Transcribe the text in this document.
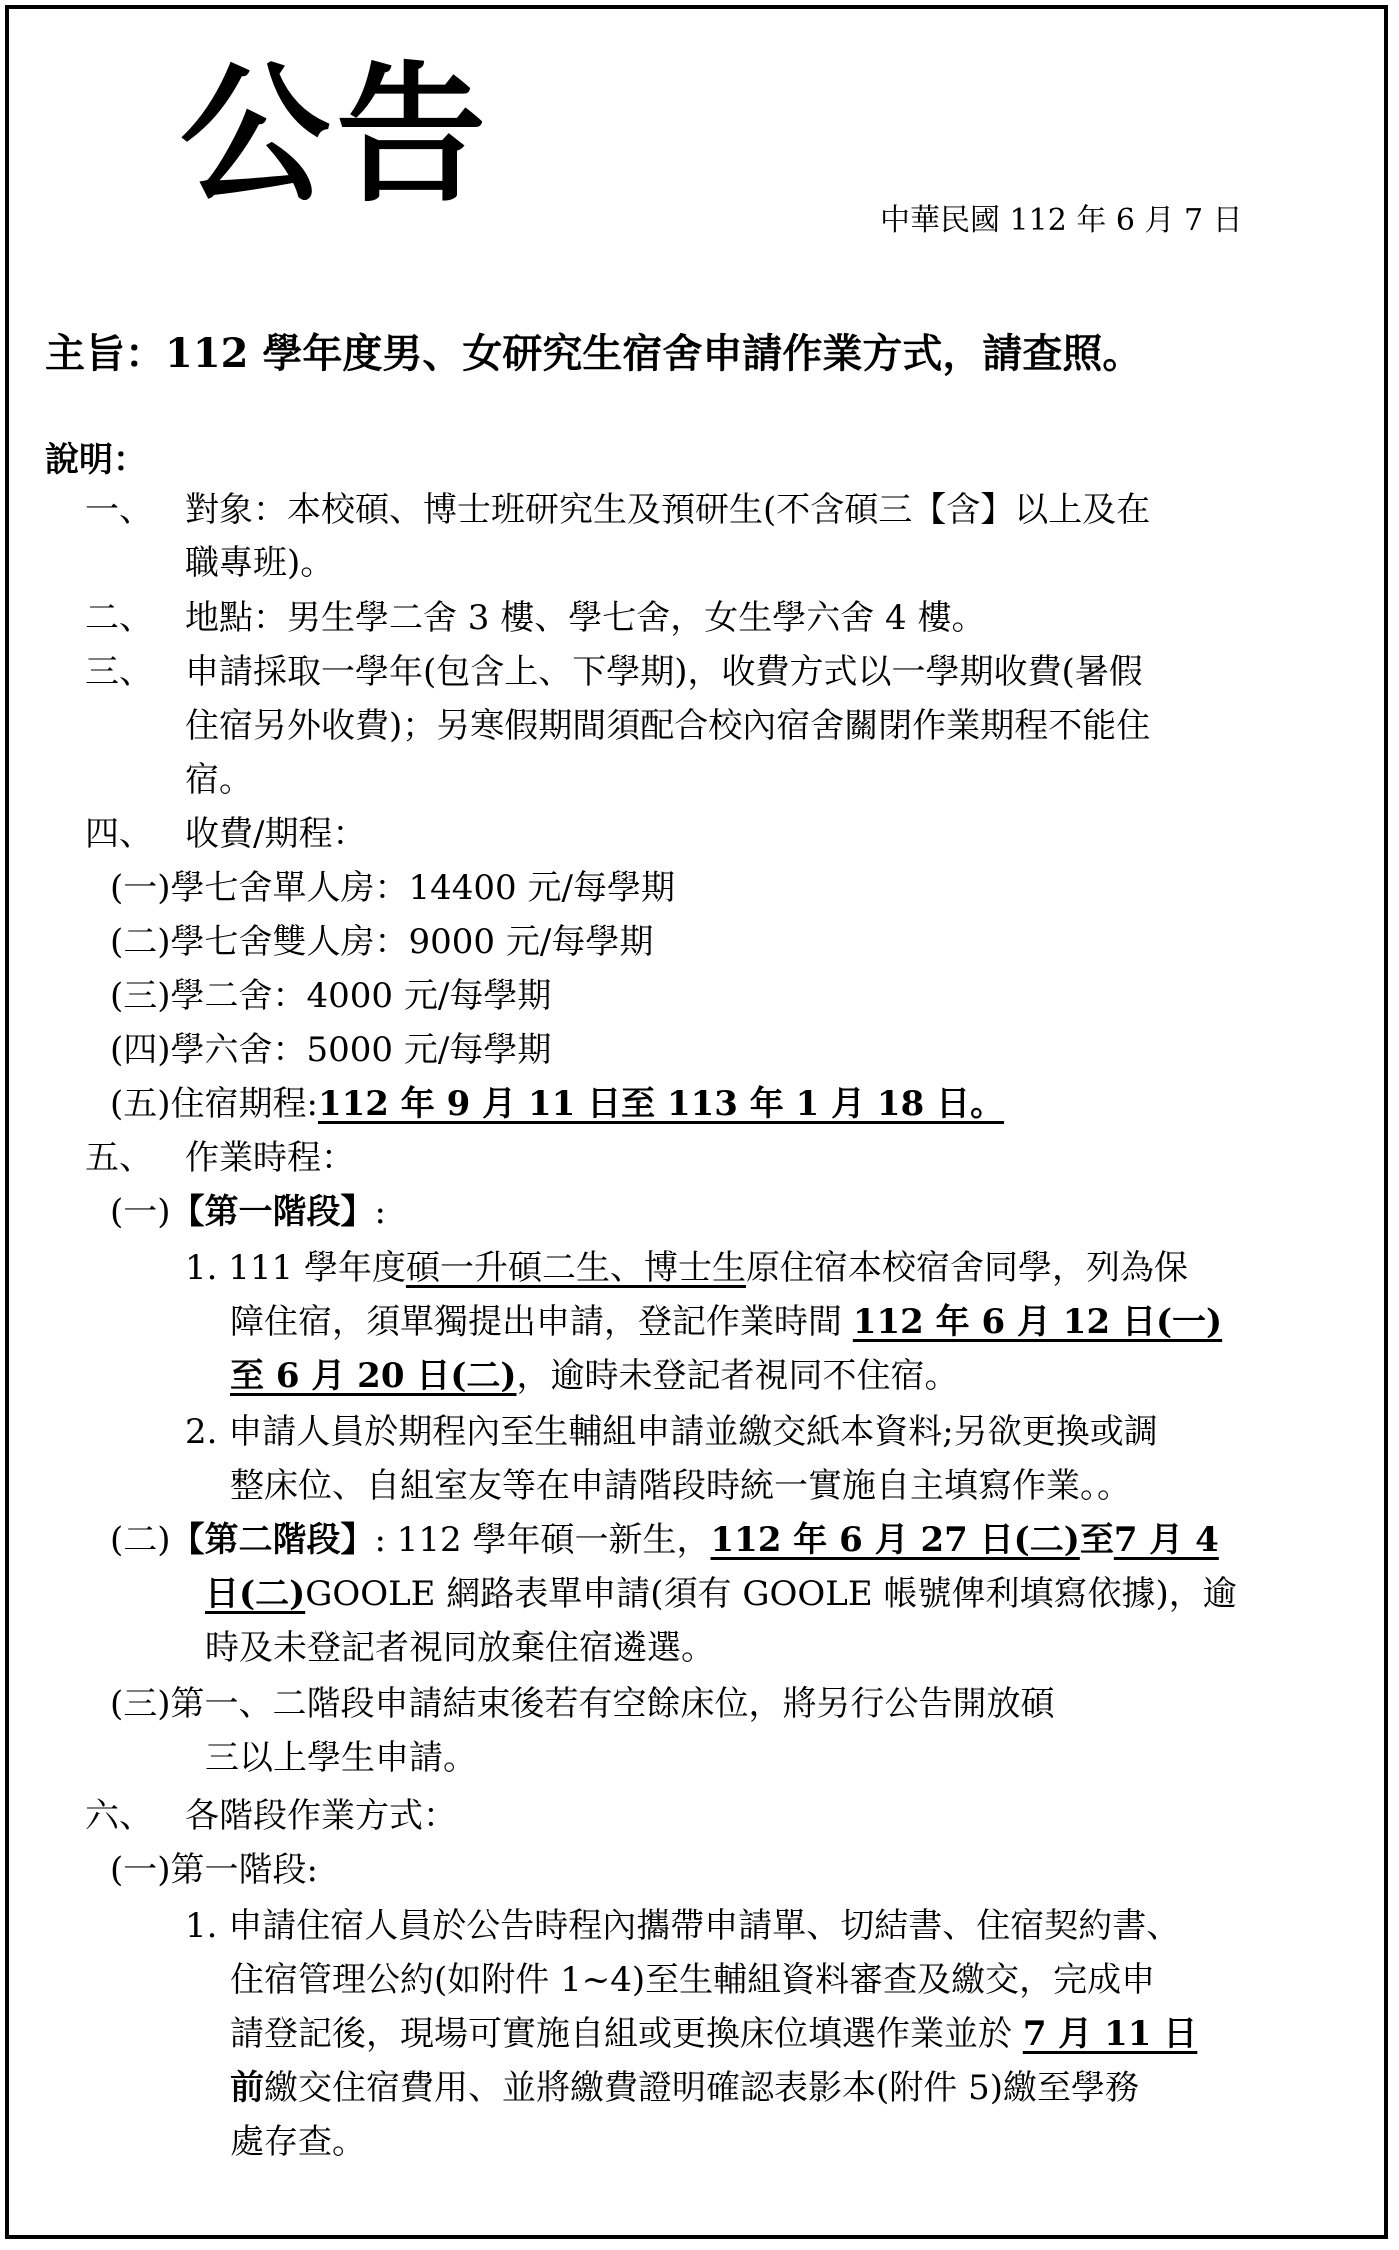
公告	中華民國 112 年 6 月 7 日
主旨：112 學年度男、女研究生宿舍申請作業方式，請查照。
說明：
一、 對象：本校碩、博士班研究生及預研生(不含碩三【含】以上及在
職專班)。
二、 地點：男生學二舍 3 樓、學七舍，女生學六舍 4 樓。
三、 申請採取一學年(包含上、下學期)，收費方式以一學期收費(暑假
住宿另外收費)；另寒假期間須配合校內宿舍關閉作業期程不能住
宿。
四、 收費/期程：
(一)學七舍單人房：14400 元/每學期
(二)學七舍雙人房：9000 元/每學期
(三)學二舍：4000 元/每學期
(四)學六舍：5000 元/每學期
(五)住宿期程:112 年 9 月 11 日至 113 年 1 月 18 日。
五、 作業時程：
(一)【第一階段】:
1. 111 學年度碩一升碩二生、博士生原住宿本校宿舍同學，列為保
障住宿，須單獨提出申請，登記作業時間 112 年 6 月 12 日(一)
至 6 月 20 日(二)，逾時未登記者視同不住宿。
2. 申請人員於期程內至生輔組申請並繳交紙本資料;另欲更換或調
整床位、自組室友等在申請階段時統一實施自主填寫作業。。
(二)【第二階段】: 112 學年碩一新生，112 年 6 月 27 日(二)至7 月 4
日(二)GOOLE 網路表單申請(須有 GOOLE 帳號俾利填寫依據)，逾
時及未登記者視同放棄住宿遴選。
(三)第一、二階段申請結束後若有空餘床位，將另行公告開放碩
三以上學生申請。
六、 各階段作業方式：
(一)第一階段:
1. 申請住宿人員於公告時程內攜帶申請單、切結書、住宿契約書、
住宿管理公約(如附件 1~4)至生輔組資料審查及繳交，完成申
請登記後，現場可實施自組或更換床位填選作業並於 7 月 11 日
前繳交住宿費用、並將繳費證明確認表影本(附件 5)繳至學務
處存查。
